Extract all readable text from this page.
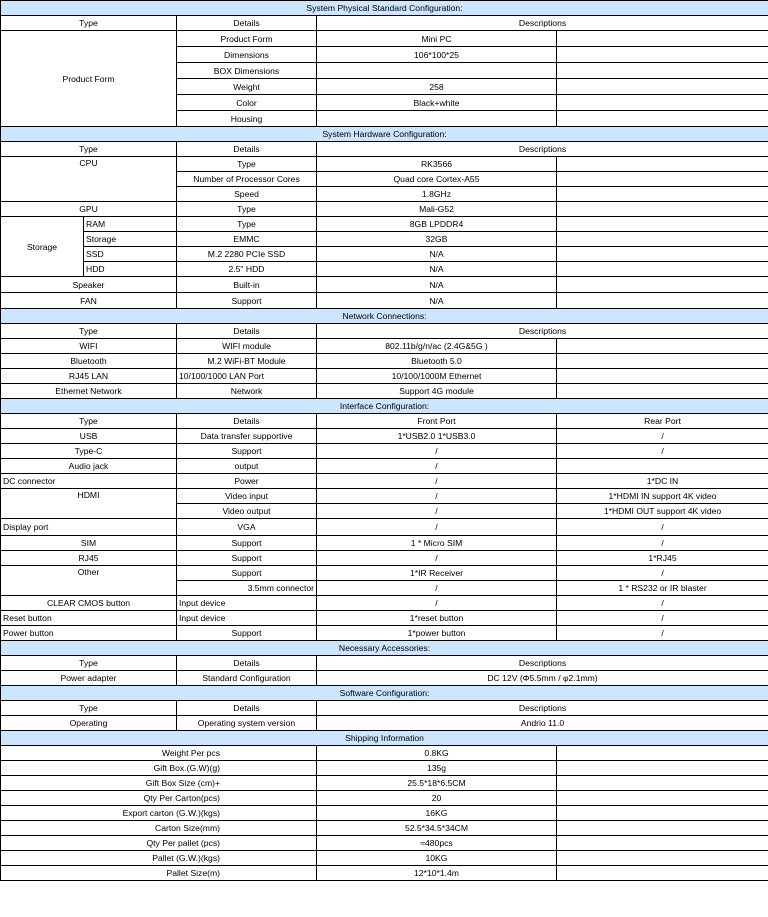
System Physical Standard Configuration:				
Type		Details	Descriptions	
Product Form		Product Form	Mini PC	
		Dimensions	106*100*25	
		BOX Dimensions		
		Weight	258	
		Color	Black+white	
		Housing		
System Hardware Configuration:				
Type		Details	Descriptions	
CPU		Type	RK3566	
		Number of Processor Cores	Quad core Cortex-A55	
		Speed	1.8GHz	
GPU		Type	Mali-G52	
Storage	RAM	Type	8GB LPDDR4	
	Storage	EMMC	32GB	
	SSD	M.2 2280 PCIe SSD	N/A	
	HDD	2.5" HDD	N/A	
Speaker		Built-in	N/A	
FAN		Support	N/A	
Network Connections:				
Type		Details	Descriptions	
WIFI		WIFI module	802.11b/g/n/ac (2.4G&5G )	
Bluetooth		M.2 WiFi-BT Module	Bluetooth 5.0	
RJ45 LAN		10/100/1000 LAN Port	10/100/1000M Ethernet	
Ethernet Network		Network	Support 4G module	
Interface Configuration:				
Type		Details	Front Port	Rear Port
USB		Data transfer supportive	1*USB2.0 1*USB3.0	/
Type-C		Support	/	/
Audio jack		output	/	
DC connector		Power	/	1*DC IN
HDMI		Video input	/	1*HDMI IN support 4K video
		Video output	/	1*HDMI OUT support 4K video
Display port		VGA	/	/
SIM		Support	1 * Micro SIM	/
RJ45		Support	/	1*RJ45
Other		Support	1*IR Receiver	/
		3.5mm connector	/	1 * RS232 or IR blaster
CLEAR CMOS button		Input device	/	/
Reset button		Input device	1*reset button	/
Power button		Support	1*power button	/
Necessary Accessories:				
Type		Details	Descriptions	
Power adapter		Standard Configuration	DC 12V (Φ5.5mm / φ2.1mm)	
Software Configuration:				
Type		Details	Descriptions	
Operating		Operating system version	Andrio 11.0	
Shipping Information				
Weight Per pcs			0.8KG	
Gift Box.(G.W)(g)			135g	
Gift Box Size (cm)+			25.5*18*6.5CM	
Qty Per Carton(pcs)			20	
Export carton (G.W.)(kgs)			16KG	
Carton Size(mm)			52.5*34.5*34CM	
Qty Per pallet (pcs)			≈480pcs	
Pallet (G.W.)(kgs)			10KG	
Pallet Size(m)			12*10*1.4m	
